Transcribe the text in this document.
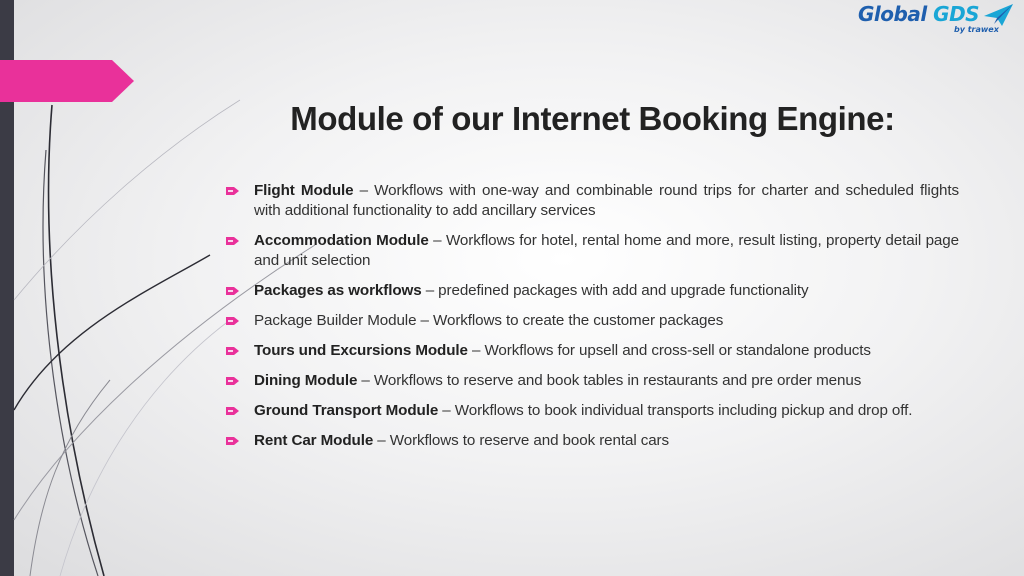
Global GDS
by trawex
Module of our Internet Booking Engine:
Flight Module – Workflows with one-way and combinable round trips for charter and scheduled flights with additional functionality to add ancillary services
Accommodation Module – Workflows for hotel, rental home and more, result listing, property detail page and unit selection
Packages as workflows – predefined packages with add and upgrade functionality
Package Builder Module – Workflows to create the customer packages
Tours und Excursions Module – Workflows for upsell and cross-sell or standalone products
Dining Module – Workflows to reserve and book tables in restaurants and pre order menus
Ground Transport Module – Workflows to book individual transports including pickup and drop off.
Rent Car Module – Workflows to reserve and book rental cars
